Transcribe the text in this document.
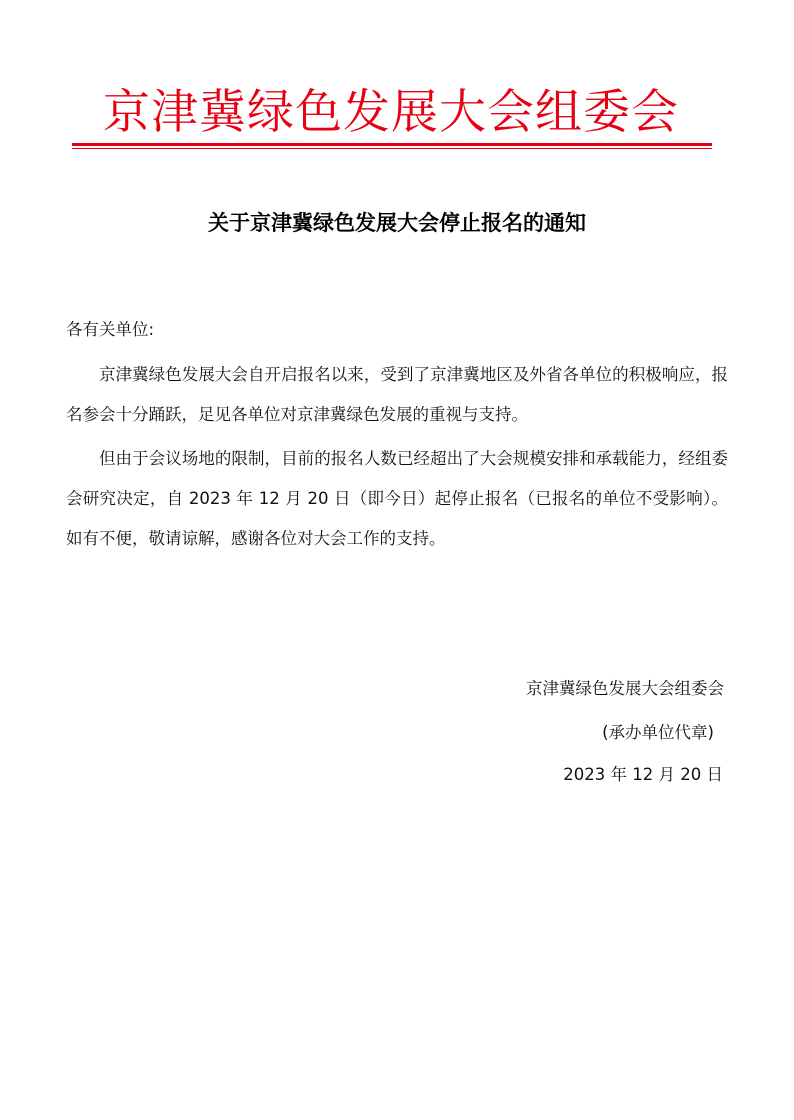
京津冀绿色发展大会组委会
关于京津冀绿色发展大会停止报名的通知
各有关单位:
京津冀绿色发展大会自开启报名以来，受到了京津冀地区及外省各单位的积极响应，报名参会十分踊跃，足见各单位对京津冀绿色发展的重视与支持。
但由于会议场地的限制，目前的报名人数已经超出了大会规模安排和承载能力，经组委会研究决定，自 2023 年 12 月 20 日（即今日）起停止报名（已报名的单位不受影响）。如有不便，敬请谅解，感谢各位对大会工作的支持。
京津冀绿色发展大会组委会
(承办单位代章)
2023 年 12 月 20 日
